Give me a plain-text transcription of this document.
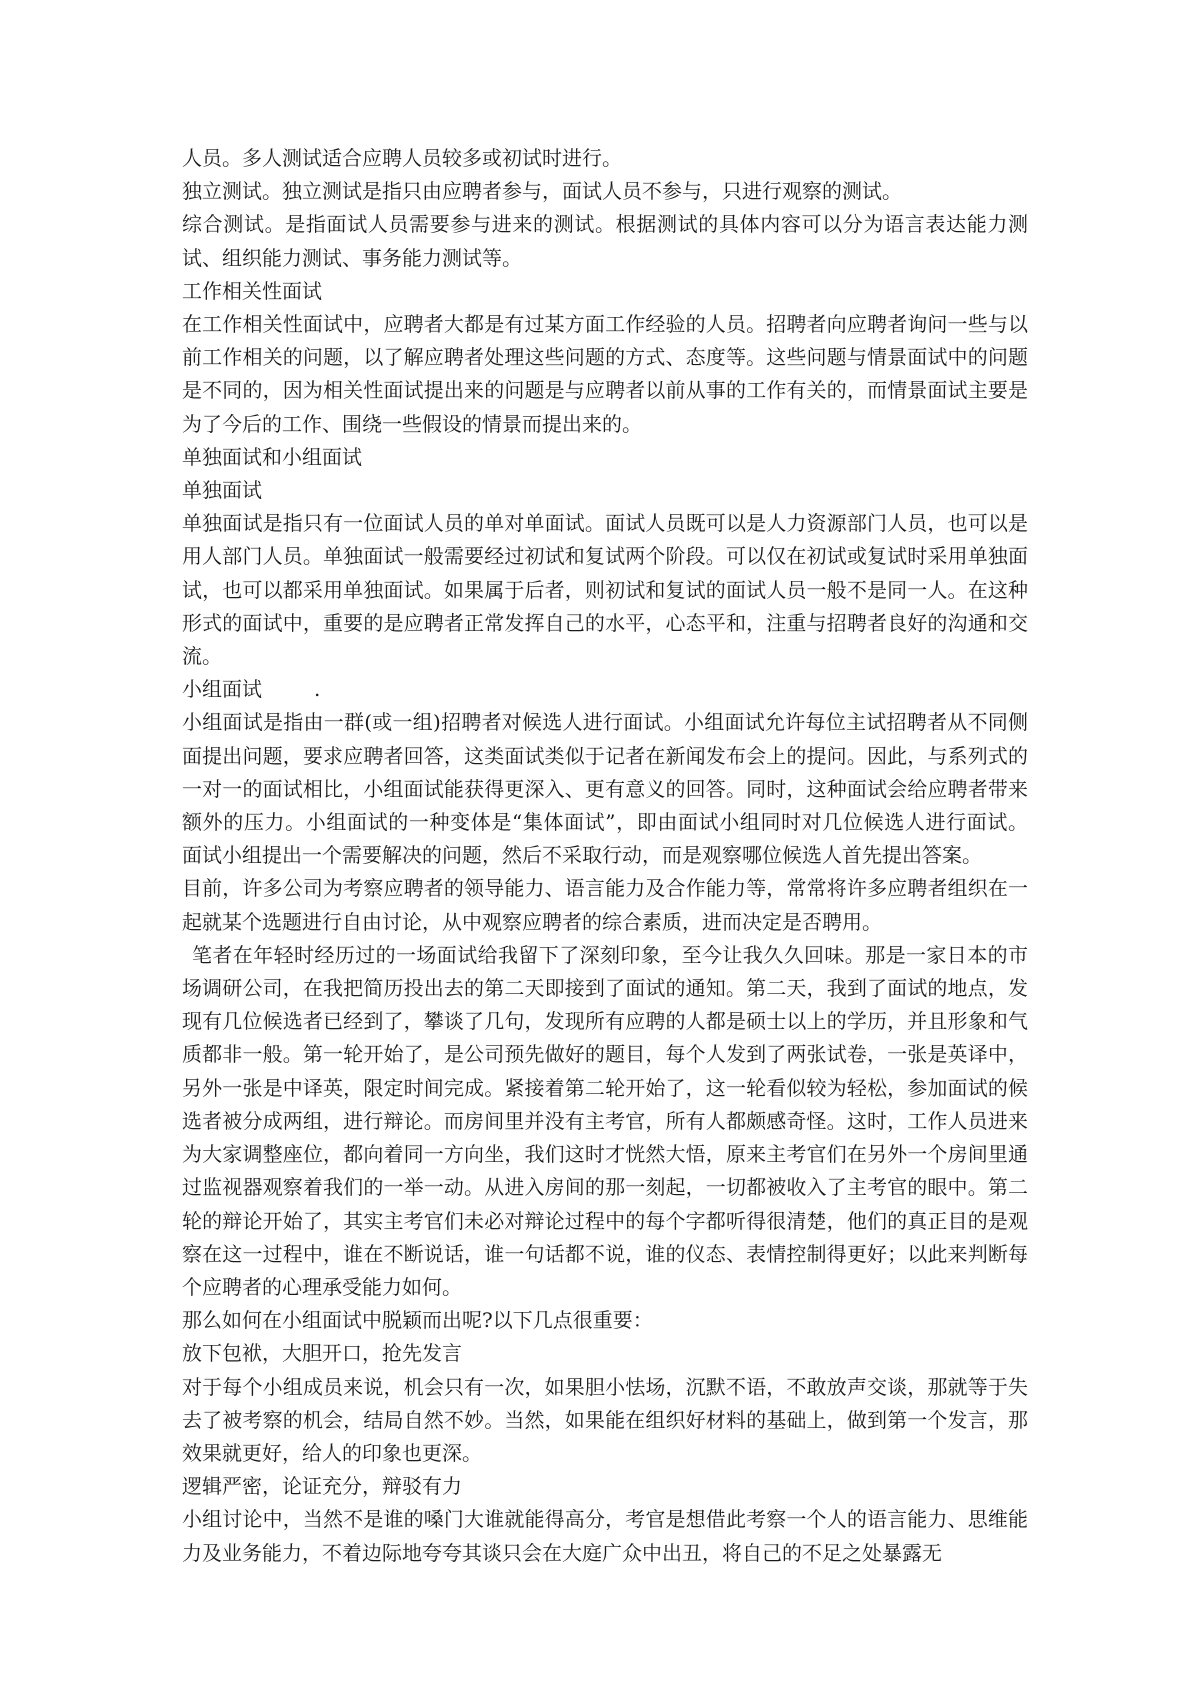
人员。多人测试适合应聘人员较多或初试时进行。

独立测试。独立测试是指只由应聘者参与，面试人员不参与，只进行观察的测试。

综合测试。是指面试人员需要参与进来的测试。根据测试的具体内容可以分为语言表达能力测试、组织能力测试、事务能力测试等。

工作相关性面试

在工作相关性面试中，应聘者大都是有过某方面工作经验的人员。招聘者向应聘者询问一些与以前工作相关的问题，以了解应聘者处理这些问题的方式、态度等。这些问题与情景面试中的问题是不同的，因为相关性面试提出来的问题是与应聘者以前从事的工作有关的，而情景面试主要是为了今后的工作、围绕一些假设的情景而提出来的。

单独面试和小组面试

单独面试

单独面试是指只有一位面试人员的单对单面试。面试人员既可以是人力资源部门人员，也可以是用人部门人员。单独面试一般需要经过初试和复试两个阶段。可以仅在初试或复试时采用单独面试，也可以都采用单独面试。如果属于后者，则初试和复试的面试人员一般不是同一人。在这种形式的面试中，重要的是应聘者正常发挥自己的水平，心态平和，注重与招聘者良好的沟通和交流。

小组面试	.

小组面试是指由一群(或一组)招聘者对候选人进行面试。小组面试允许每位主试招聘者从不同侧面提出问题，要求应聘者回答，这类面试类似于记者在新闻发布会上的提问。因此，与系列式的一对一的面试相比，小组面试能获得更深入、更有意义的回答。同时，这种面试会给应聘者带来额外的压力。小组面试的一种变体是“集体面试”，即由面试小组同时对几位候选人进行面试。 面试小组提出一个需要解决的问题，然后不采取行动，而是观察哪位候选人首先提出答案。

目前，许多公司为考察应聘者的领导能力、语言能力及合作能力等，常常将许多应聘者组织在一起就某个选题进行自由讨论，从中观察应聘者的综合素质，进而决定是否聘用。

笔者在年轻时经历过的一场面试给我留下了深刻印象，至今让我久久回味。那是一家日本的市场调研公司，在我把简历投出去的第二天即接到了面试的通知。第二天，我到了面试的地点，发现有几位候选者已经到了，攀谈了几句，发现所有应聘的人都是硕士以上的学历，并且形象和气质都非一般。第一轮开始了，是公司预先做好的题目，每个人发到了两张试卷，一张是英译中，另外一张是中译英，限定时间完成。紧接着第二轮开始了，这一轮看似较为轻松，参加面试的候选者被分成两组，进行辩论。而房间里并没有主考官，所有人都颇感奇怪。这时，工作人员进来为大家调整座位，都向着同一方向坐，我们这时才恍然大悟，原来主考官们在另外一个房间里通过监视器观察着我们的一举一动。从进入房间的那一刻起，一切都被收入了主考官的眼中。第二轮的辩论开始了，其实主考官们未必对辩论过程中的每个字都听得很清楚，他们的真正目的是观察在这一过程中，谁在不断说话，谁一句话都不说，谁的仪态、表情控制得更好；以此来判断每个应聘者的心理承受能力如何。

那么如何在小组面试中脱颖而出呢?以下几点很重要：

放下包袱，大胆开口，抢先发言

对于每个小组成员来说，机会只有一次，如果胆小怯场，沉默不语，不敢放声交谈，那就等于失去了被考察的机会，结局自然不妙。当然，如果能在组织好材料的基础上，做到第一个发言，那效果就更好，给人的印象也更深。

逻辑严密，论证充分，辩驳有力

小组讨论中，当然不是谁的嗓门大谁就能得高分，考官是想借此考察一个人的语言能力、思维能力及业务能力，不着边际地夸夸其谈只会在大庭广众中出丑，将自己的不足之处暴露无
